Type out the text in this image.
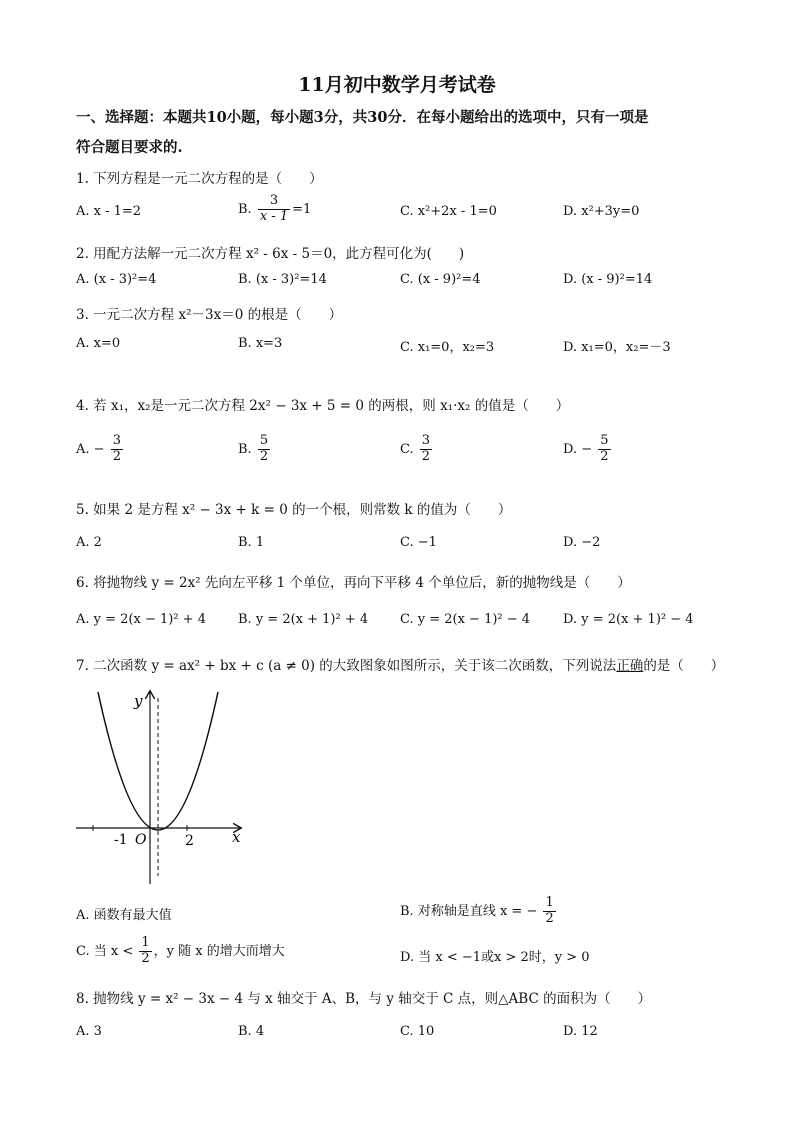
11月初中数学月考试卷
一、选择题：本题共10小题，每小题3分，共30分．在每小题给出的选项中，只有一项是
符合题目要求的.
1. 下列方程是一元二次方程的是（　　）
A. x - 1=2	B. $\frac{3}{x - 1} =1$	C. x²+2x - 1=0	D. x²+3y=0
2. 用配方法解一元二次方程 x² - 6x - 5＝0，此方程可化为(　　)
A. (x - 3)²=4	B. (x - 3)²=14	C. (x - 9)²=4	D. (x - 9)²=14
3. 一元二次方程 x²－3x＝0 的根是（　　）
A. x=0	B. x=3	C. x₁=0，x₂=3	D. x₁=0，x₂=－3
4. 若 x₁，x₂是一元二次方程 2x² − 3x + 5 = 0 的两根，则 x₁·x₂ 的值是（　　）
A. − $\frac{3}{2}$	B. $\frac{5}{2}$	C. $\frac{3}{2}$	D. − $\frac{5}{2}$
5. 如果 2 是方程 x² − 3x + k = 0 的一个根，则常数 k 的值为（　　）
A. 2	B. 1	C. −1	D. −2
6. 将抛物线 y = 2x² 先向左平移 1 个单位，再向下平移 4 个单位后，新的抛物线是（　　）
A. y = 2(x − 1)² + 4 B. y = 2(x + 1)² + 4 C. y = 2(x − 1)² − 4	D. y = 2(x + 1)² − 4
7. 二次函数 y = ax² + bx + c (a ≠ 0) 的大致图象如图所示，关于该二次函数，下列说法正确的是（　　）
y
x
O
-1	2
A. 函数有最大值	B. 对称轴是直线 x = − $\frac{1}{2}$
C. 当 $x < \frac{1}{2}$ ，y 随 x 的增大而增大	D. 当 x < −1或x > 2时，y > 0
8. 抛物线 y = x² − 3x − 4 与 x 轴交于 A、B，与 y 轴交于 C 点，则△ABC 的面积为（　　）
A. 3	B. 4	C. 10	D. 12
